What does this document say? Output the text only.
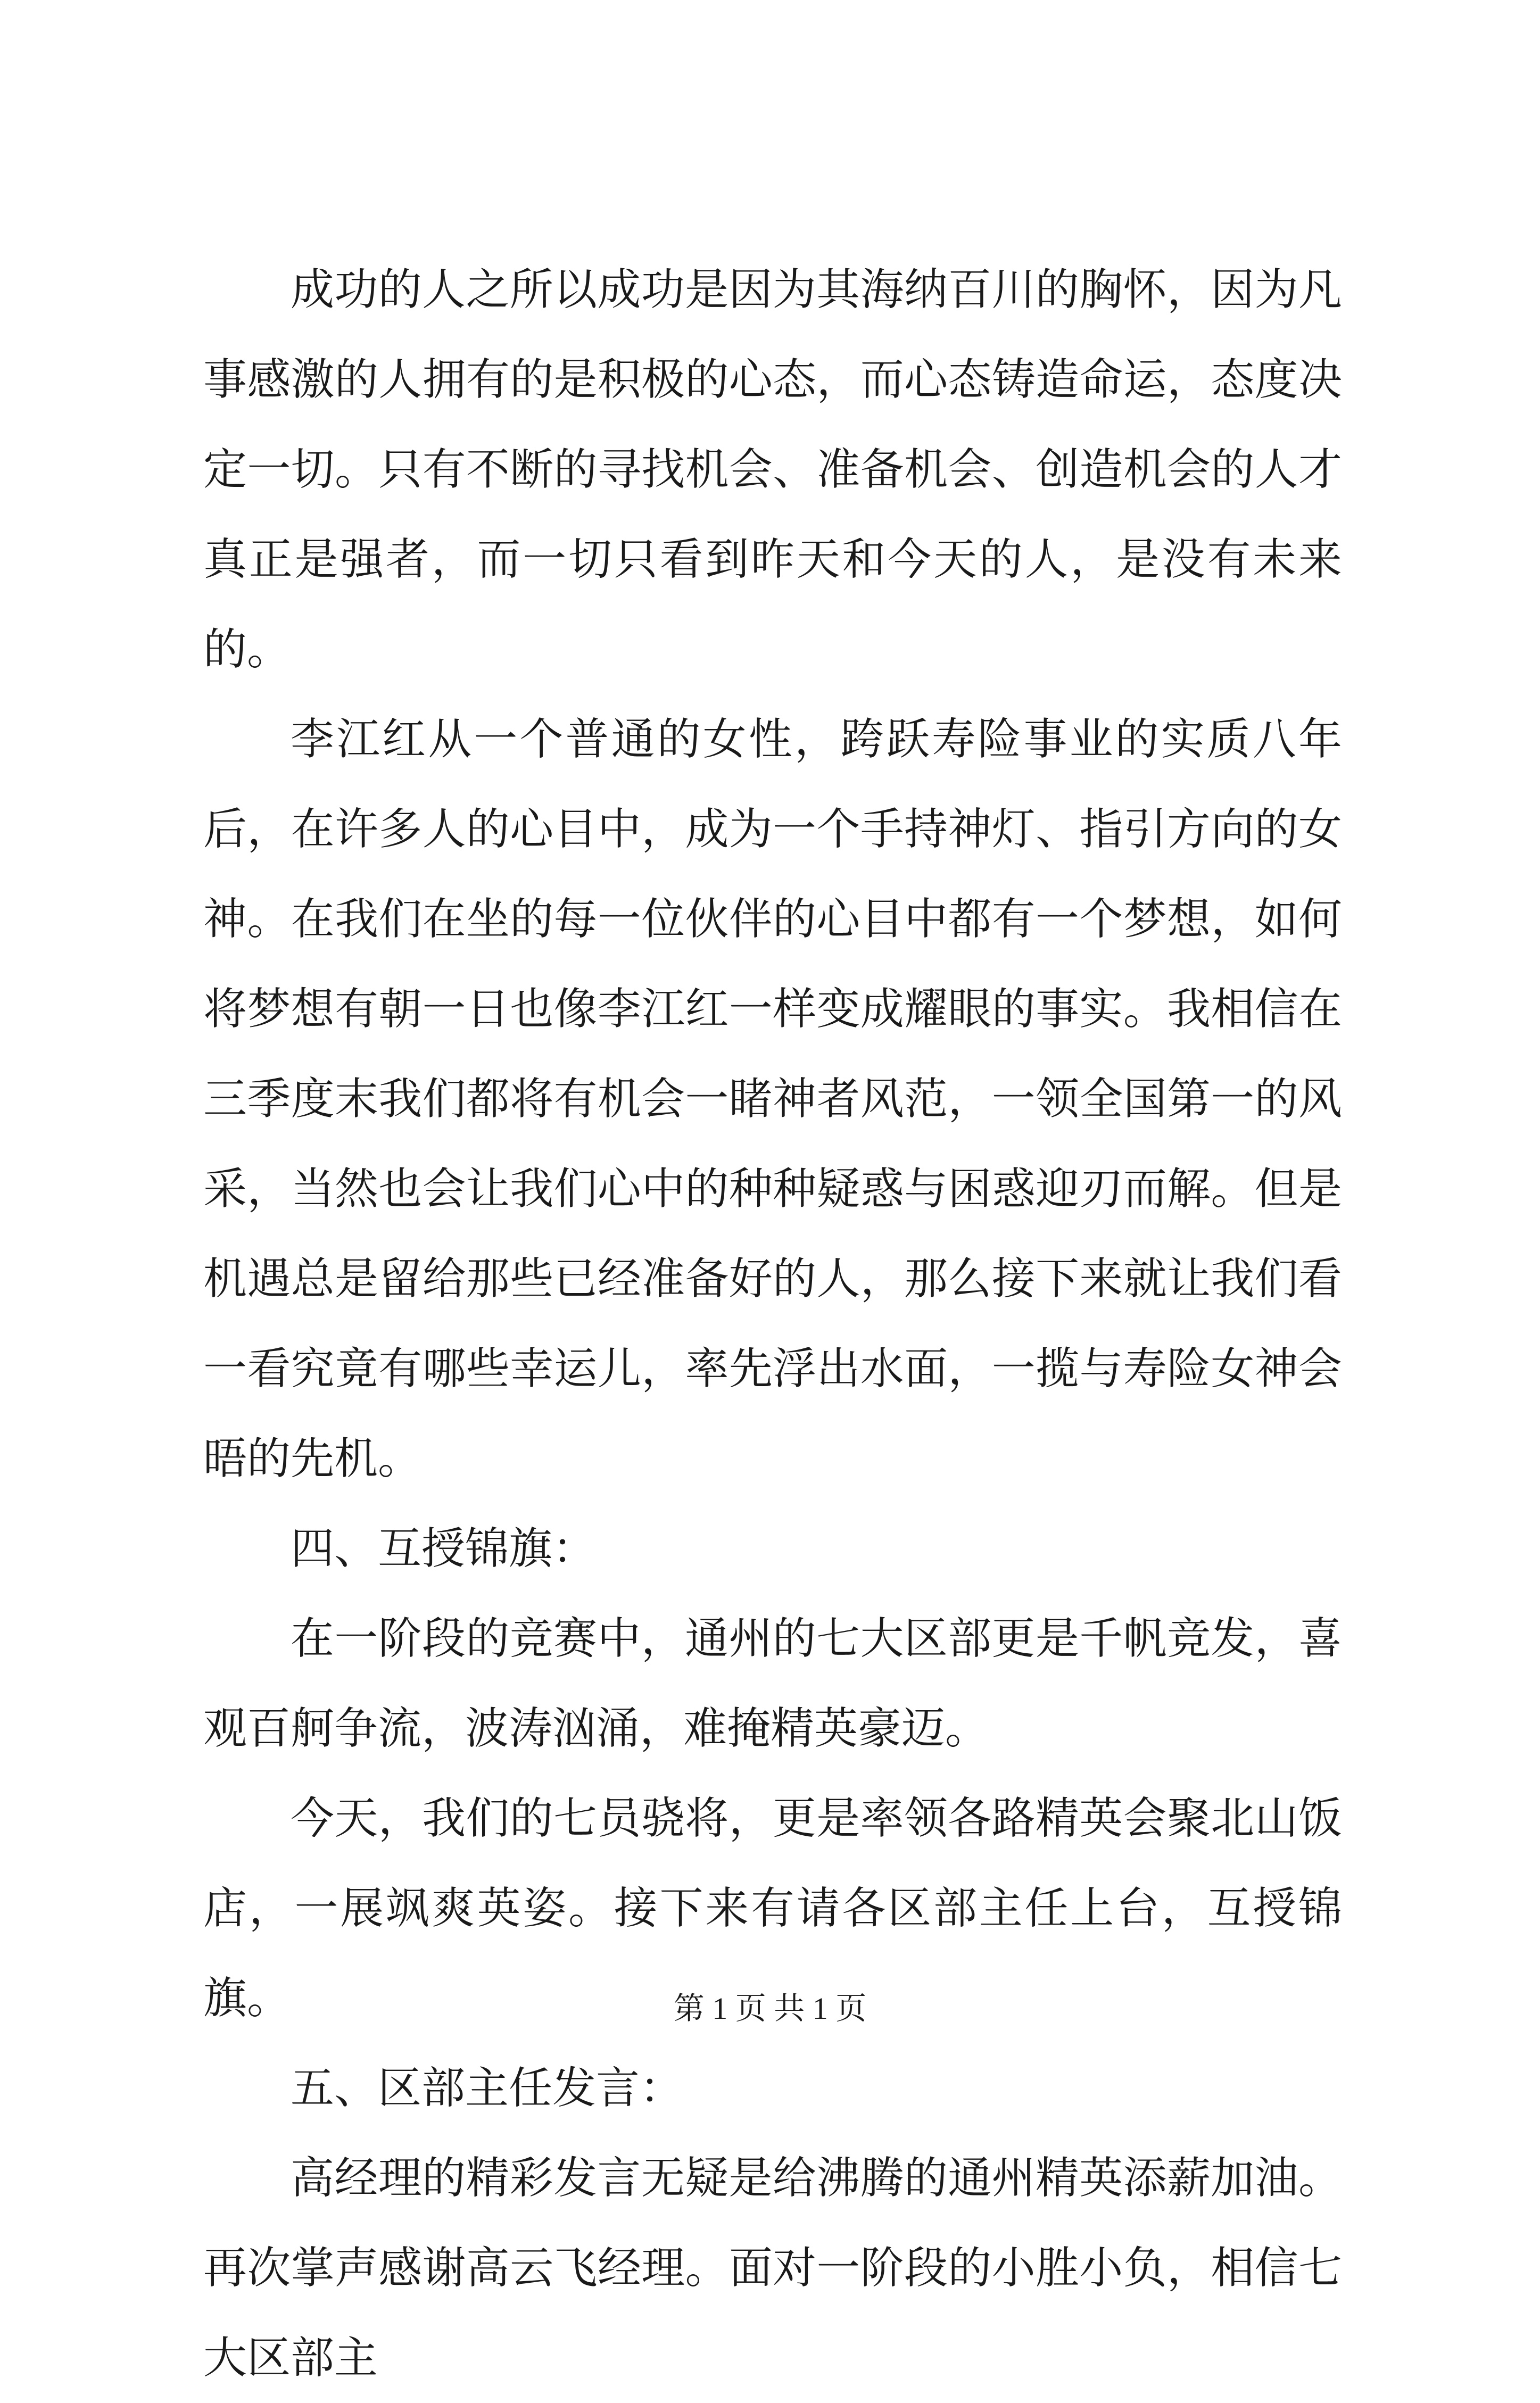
成功的人之所以成功是因为其海纳百川的胸怀，因为凡事感激的人拥有的是积极的心态，而心态铸造命运，态度决定一切。只有不断的寻找机会、准备机会、创造机会的人才真正是强者，而一切只看到昨天和今天的人，是没有未来的。

李江红从一个普通的女性，跨跃寿险事业的实质八年后，在许多人的心目中，成为一个手持神灯、指引方向的女神。在我们在坐的每一位伙伴的心目中都有一个梦想，如何将梦想有朝一日也像李江红一样变成耀眼的事实。我相信在三季度末我们都将有机会一睹神者风范，一领全国第一的风采，当然也会让我们心中的种种疑惑与困惑迎刃而解。但是机遇总是留给那些已经准备好的人，那么接下来就让我们看一看究竟有哪些幸运儿，率先浮出水面，一揽与寿险女神会晤的先机。

四、互授锦旗：

在一阶段的竞赛中，通州的七大区部更是千帆竞发，喜观百舸争流，波涛汹涌，难掩精英豪迈。

今天，我们的七员骁将，更是率领各路精英会聚北山饭店，一展飒爽英姿。接下来有请各区部主任上台，互授锦旗。

五、区部主任发言：

高经理的精彩发言无疑是给沸腾的通州精英添薪加油。再次掌声感谢高云飞经理。面对一阶段的小胜小负，相信七大区部主

第 1 页 共 1 页
